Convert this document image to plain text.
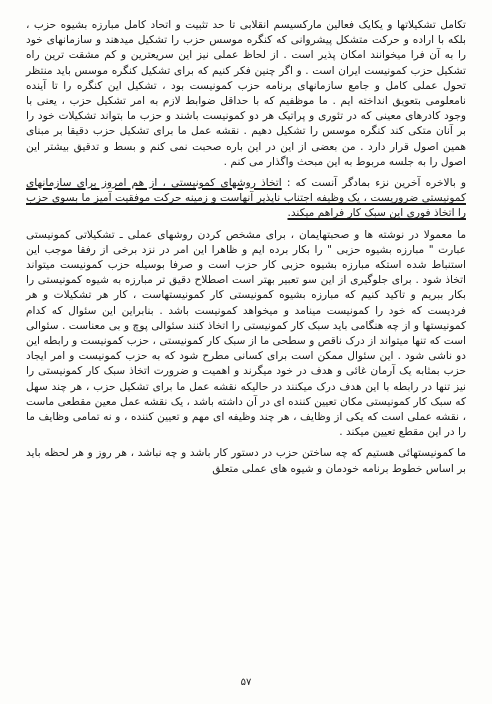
تکامل تشکیلاتها و یکایک فعالین مارکسیسم انقلابی تا حد تثبیت و اتحاد کامل مبارزه بشیوه حزب ، بلکه با اراده و حرکت متشکل پیشروانی که کنگره موسس حزب را تشکیل میدهند و سازمانهای خود را به آن فرا میخوانند امکان پذیر است . از لحاظ عملی نیز این سریعترین و کم مشقت ترین راه تشکیل حزب کمونیست ایران است . و اگر چنین فکر کنیم که برای تشکیل کنگره موسس باید منتظر تحول عملی کامل و جامع سازمانهای برنامه حزب کمونیست بود ، تشکیل این کنگره را تا آینده نامعلومی بتعویق انداخته ایم . ما موظفیم که با حداقل ضوابط لازم به امر تشکیل حزب ، یعنی با وجود کادرهای معینی که در تئوری و پراتیک هر دو کمونیست باشند و حزب ما بتواند تشکیلات خود را بر آنان متکی کند کنگره موسس را تشکیل دهیم . نقشه عمل ما برای تشکیل حزب دقیقا بر مبنای همین اصول قرار دارد . من بعضی از این در این باره صحبت نمی کنم و بسط و تدقیق بیشتر این اصول را به جلسه مربوط به این مبحث واگذار می کنم .

و بالاخره آخرین نزء بمادگر آنست که : اتخاذ روشهای کمونیستی ، از هم امروز برای سازمانهای کمونیستی ضروریست ، یک وظیفه اجتناب ناپذیر آنهاست و زمینه حرکت موفقیت آمیز ما بسوی حزب را اتخاذ فوری این سبک کار فراهم میکند.

ما معمولا در نوشته ها و صحبتهایمان ، برای مشخص کردن روشهای عملی ـ تشکیلاتی کمونیستی عبارت " مبارزه بشیوه حزبی " را بکار برده ایم و ظاهرا این امر در نزد برخی از رفقا موجب این استنباط شده استکه مبارزه بشیوه حزبی کار حزب است و صرفا بوسیله حزب کمونیست میتواند اتخاذ شود . برای جلوگیری از این سو تعبیر بهتر است اصطلاح دقیق تر مبارزه به شیوه کمونیستی را بکار ببریم و تاکید کنیم که مبارزه بشیوه کمونیستی کار کمونیستهاست ، کار هر تشکیلات و هر فردیست که خود را کمونیست مینامد و میخواهد کمونیست باشد . بنابراین این سئوال که کدام کمونیستها و از چه هنگامی باید سبک کار کمونیستی را اتخاذ کنند سئوالی پوچ و بی معناست . سئوالی است که تنها میتواند از درک ناقص و سطحی ما از سبک کار کمونیستی ، حزب کمونیست و رابطه این دو ناشی شود . این سئوال ممکن است برای کسانی مطرح شود که به حزب کمونیست و امر ایجاد حزب بمثابه یک آرمان غائی و هدف در خود میگرند و اهمیت و ضرورت اتخاذ سبک کار کمونیستی را نیز تنها در رابطه با این هدف درک میکنند در حالیکه نقشه عمل ما برای تشکیل حزب ، هر چند سهل که سبک کار کمونیستی مکان تعیین کننده ای در آن داشته باشد ، یک نقشه عمل معین مقطعی ماست ، نقشه عملی است که یکی از وظایف ، هر چند وظیفه ای مهم و تعیین کننده ، و نه تمامی وظایف ما را در این مقطع تعیین میکند .

ما کمونیستهائی هستیم که چه ساختن حزب در دستور کار باشد و چه نباشد ، هر روز و هر لحظه باید بر اساس خطوط برنامه خودمان و شیوه های عملی متعلق

۵۷
